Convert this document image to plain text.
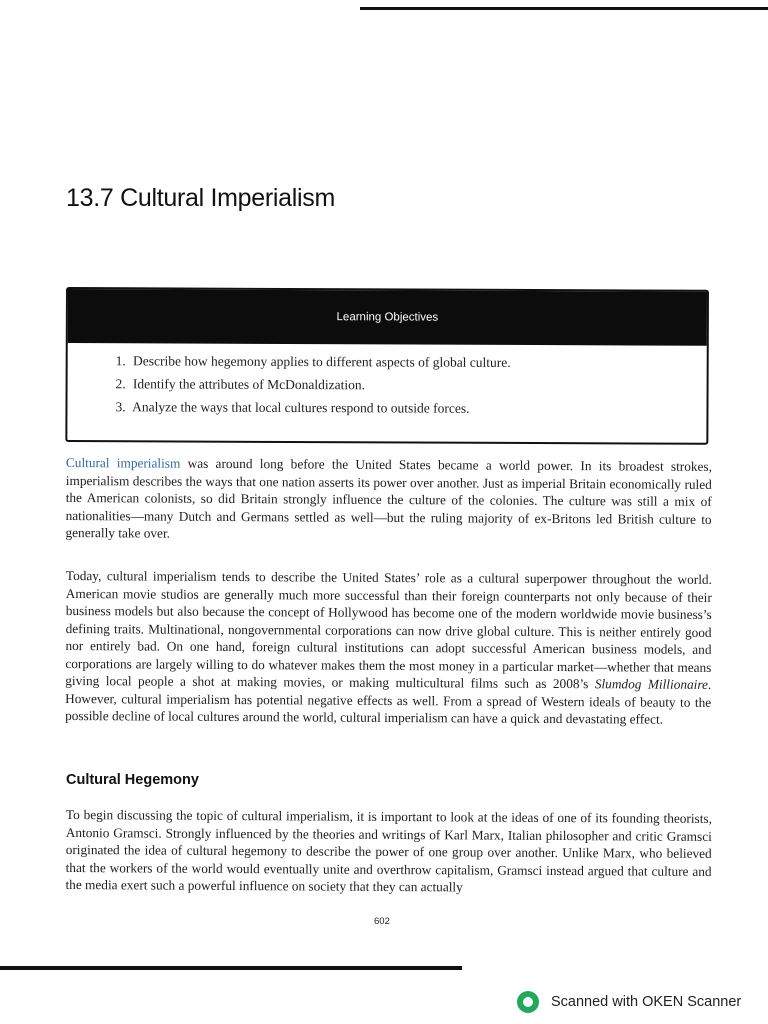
13.7 Cultural Imperialism
Learning Objectives
1. Describe how hegemony applies to different aspects of global culture.
2. Identify the attributes of McDonaldization.
3. Analyze the ways that local cultures respond to outside forces.

Cultural imperialism was around long before the United States became a world power. In its broadest strokes, imperialism describes the ways that one nation asserts its power over another. Just as imperial Britain economically ruled the American colonists, so did Britain strongly influence the culture of the colonies. The culture was still a mix of nationalities—many Dutch and Germans settled as well—but the ruling majority of ex-Britons led British culture to generally take over.

Today, cultural imperialism tends to describe the United States’ role as a cultural superpower throughout the world. American movie studios are generally much more successful than their foreign counterparts not only because of their business models but also because the concept of Hollywood has become one of the modern worldwide movie business’s defining traits. Multinational, nongovernmental corporations can now drive global culture. This is neither entirely good nor entirely bad. On one hand, foreign cultural institutions can adopt successful American business models, and corporations are largely willing to do whatever makes them the most money in a particular market—whether that means giving local people a shot at making movies, or making multicultural films such as 2008’s Slumdog Millionaire. However, cultural imperialism has potential negative effects as well. From a spread of Western ideals of beauty to the possible decline of local cultures around the world, cultural imperialism can have a quick and devastating effect.

Cultural Hegemony

To begin discussing the topic of cultural imperialism, it is important to look at the ideas of one of its founding theorists, Antonio Gramsci. Strongly influenced by the theories and writings of Karl Marx, Italian philosopher and critic Gramsci originated the idea of cultural hegemony to describe the power of one group over another. Unlike Marx, who believed that the workers of the world would eventually unite and overthrow capitalism, Gramsci instead argued that culture and the media exert such a powerful influence on society that they can actually

602
Scanned with OKEN Scanner
